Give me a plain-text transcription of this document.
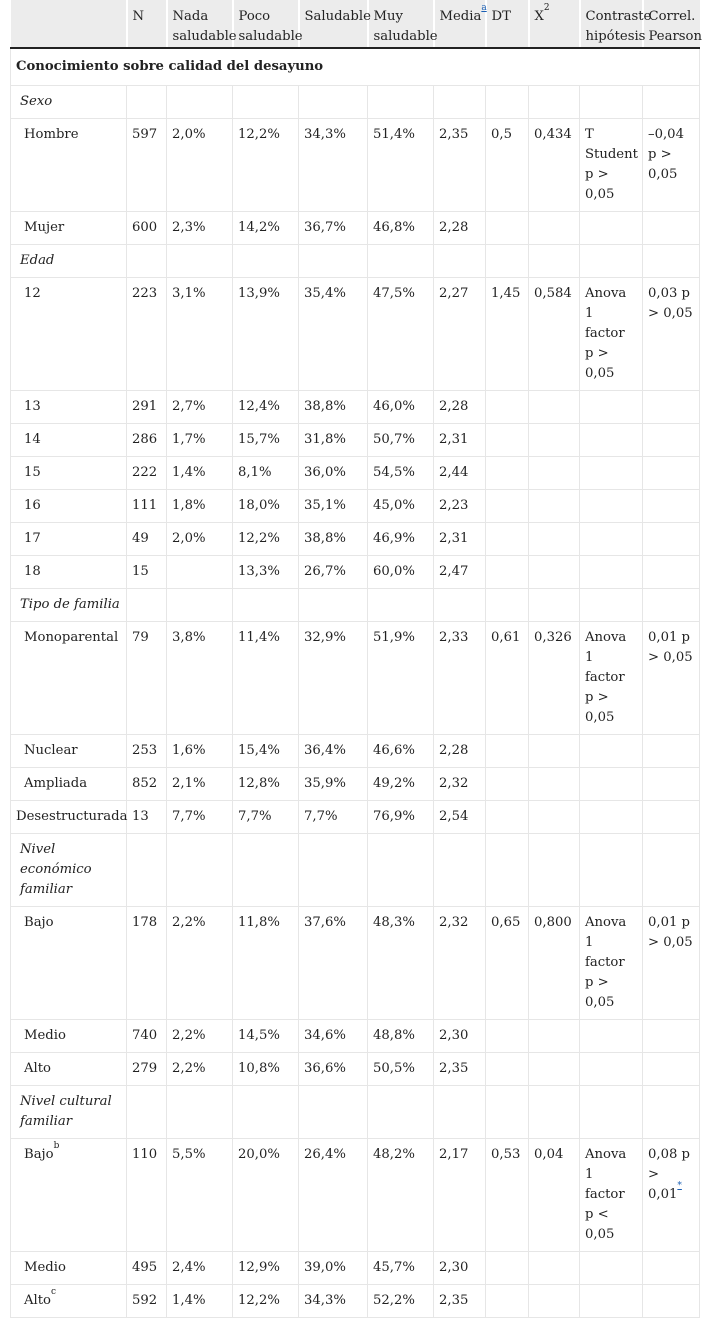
	N	Nada saludable	Poco saludable	Saludable	Muy saludable	Media$^a$	DT	$X^2$	Contraste hipótesis	Correl. Pearson
Conocimiento sobre calidad del desayuno										
Sexo										
Hombre	597	2,0%	12,2%	34,3%	51,4%	2,35	0,5	0,434	T Student p > 0,05	–0,04 p > 0,05
Mujer	600	2,3%	14,2%	36,7%	46,8%	2,28				
Edad										
12	223	3,1%	13,9%	35,4%	47,5%	2,27	1,45	0,584	Anova 1 factor p > 0,05	0,03 p > 0,05
13	291	2,7%	12,4%	38,8%	46,0%	2,28				
14	286	1,7%	15,7%	31,8%	50,7%	2,31				
15	222	1,4%	8,1%	36,0%	54,5%	2,44				
16	111	1,8%	18,0%	35,1%	45,0%	2,23				
17	49	2,0%	12,2%	38,8%	46,9%	2,31				
18	15		13,3%	26,7%	60,0%	2,47				
Tipo de familia										
Monoparental	79	3,8%	11,4%	32,9%	51,9%	2,33	0,61	0,326	Anova 1 factor p > 0,05	0,01 p > 0,05
Nuclear	253	1,6%	15,4%	36,4%	46,6%	2,28				
Ampliada	852	2,1%	12,8%	35,9%	49,2%	2,32				
Desestructurada	13	7,7%	7,7%	7,7%	76,9%	2,54				
Nivel económico familiar										
Bajo	178	2,2%	11,8%	37,6%	48,3%	2,32	0,65	0,800	Anova 1 factor p > 0,05	0,01 p > 0,05
Medio	740	2,2%	14,5%	34,6%	48,8%	2,30				
Alto	279	2,2%	10,8%	36,6%	50,5%	2,35				
Nivel cultural familiar										
Bajo$^b$	110	5,5%	20,0%	26,4%	48,2%	2,17	0,53	0,04	Anova 1 factor p < 0,05	0,08 p > 0,01*
Medio	495	2,4%	12,9%	39,0%	45,7%	2,30				
Alto$^c$	592	1,4%	12,2%	34,3%	52,2%	2,35				
